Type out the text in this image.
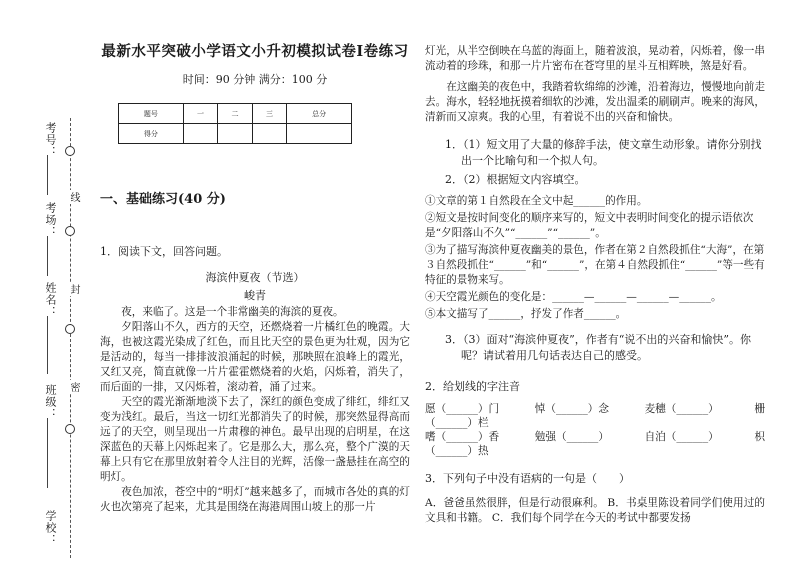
考号：
考场：
姓名：
班级：
学校：
线
封
密
最新水平突破小学语文小升初模拟试卷Ⅰ卷练习
时间：90 分钟 满分：100 分
题号	一	二	三	总分
得分				
一、基础练习(40 分)
1．阅读下文，回答问题。
海滨仲夏夜（节选）
峻青

夜，来临了。这是一个非常幽美的海滨的夏夜。

夕阳落山不久，西方的天空，还燃烧着一片橘红色的晚霞。大海，也被这霞光染成了红色，而且比天空的景色更为壮观，因为它是活动的，每当一排排波浪涌起的时候，那映照在浪峰上的霞光，又红又亮，简直就像一片片霍霍燃烧着的火焰，闪烁着，消失了，而后面的一排，又闪烁着，滚动着，涌了过来。

天空的霞光渐渐地淡下去了，深红的颜色变成了绯红，绯红又变为浅红。最后，当这一切红光都消失了的时候，那突然显得高而远了的天空，则呈现出一片肃穆的神色。最早出现的启明星，在这深蓝色的天幕上闪烁起来了。它是那么大，那么亮，整个广漠的天幕上只有它在那里放射着令人注目的光辉，活像一盏悬挂在高空的明灯。

夜色加浓，苍空中的“明灯”越来越多了，而城市各处的真的灯火也次第亮了起来，尤其是围绕在海港周围山坡上的那一片

灯光，从半空倒映在乌蓝的海面上，随着波浪，晃动着，闪烁着，像一串流动着的珍珠，和那一片片密布在苍穹里的星斗互相辉映，煞是好看。

在这幽美的夜色中，我踏着软绵绵的沙滩，沿着海边，慢慢地向前走去。海水，轻轻地抚摸着细软的沙滩，发出温柔的刷刷声。晚来的海风，清新而又凉爽。我的心里，有着说不出的兴奋和愉快。

1．（1）短文用了大量的修辞手法，使文章生动形象。请你分别找出一个比喻句和一个拟人句。
2．（2）根据短文内容填空。
①文章的第１自然段在全文中起______的作用。
②短文是按时间变化的顺序来写的，短文中表明时间变化的提示语依次是“夕阳落山不久”“______”“______”。
③为了描写海滨仲夏夜幽美的景色，作者在第２自然段抓住“大海”，在第３自然段抓住“______”和“______”，在第４自然段抓住“______”等一些有特征的景物来写。
④天空霞光颜色的变化是：______—______—______—______。
⑤本文描写了______，抒发了作者______。
3．（3）面对“海滨仲夏夜”，作者有“说不出的兴奋和愉快”。你呢？请试着用几句话表达自己的感受。
2．给划线的字注音
愿（______）门	悼（______）念	麦穗（______）	栅
（______）栏
嗜（______）香	勉强（______）	自泊（______）	枳
（______）热
3．下列句子中没有语病的一句是（　　）
A．爸爸虽然很胖，但是行动很麻利。 B．书桌里陈设着同学们使用过的文具和书籍。 C．我们每个同学在今天的考试中都要发扬
